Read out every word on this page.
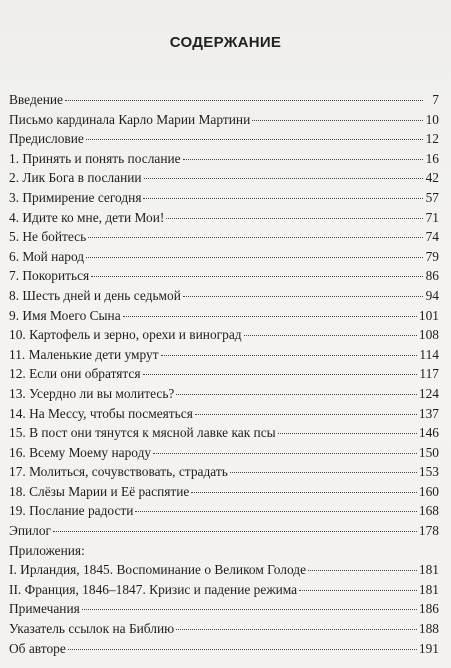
СОДЕРЖАНИЕ
Введение	7
Письмо кардинала Карло Марии Мартини	10
Предисловие	12
1. Принять и понять послание	16
2. Лик Бога в послании	42
3. Примирение сегодня	57
4. Идите ко мне, дети Мои!	71
5. Не бойтесь	74
6. Мой народ	79
7. Покориться	86
8. Шесть дней и день седьмой	94
9. Имя Моего Сына	101
10. Картофель и зерно, орехи и виноград	108
11. Маленькие дети умрут	114
12. Если они обратятся	117
13. Усердно ли вы молитесь?	124
14. На Мессу, чтобы посмеяться	137
15. В пост они тянутся к мясной лавке как псы	146
16. Всему Моему народу	150
17. Молиться, сочувствовать, страдать	153
18. Слёзы Марии и Её распятие	160
19. Послание радости	168
Эпилог	178
Приложения:
I. Ирландия, 1845. Воспоминание о Великом Голоде	181
II. Франция, 1846–1847. Кризис и падение режима	181
Примечания	186
Указатель ссылок на Библию	188
Об авторе	191
